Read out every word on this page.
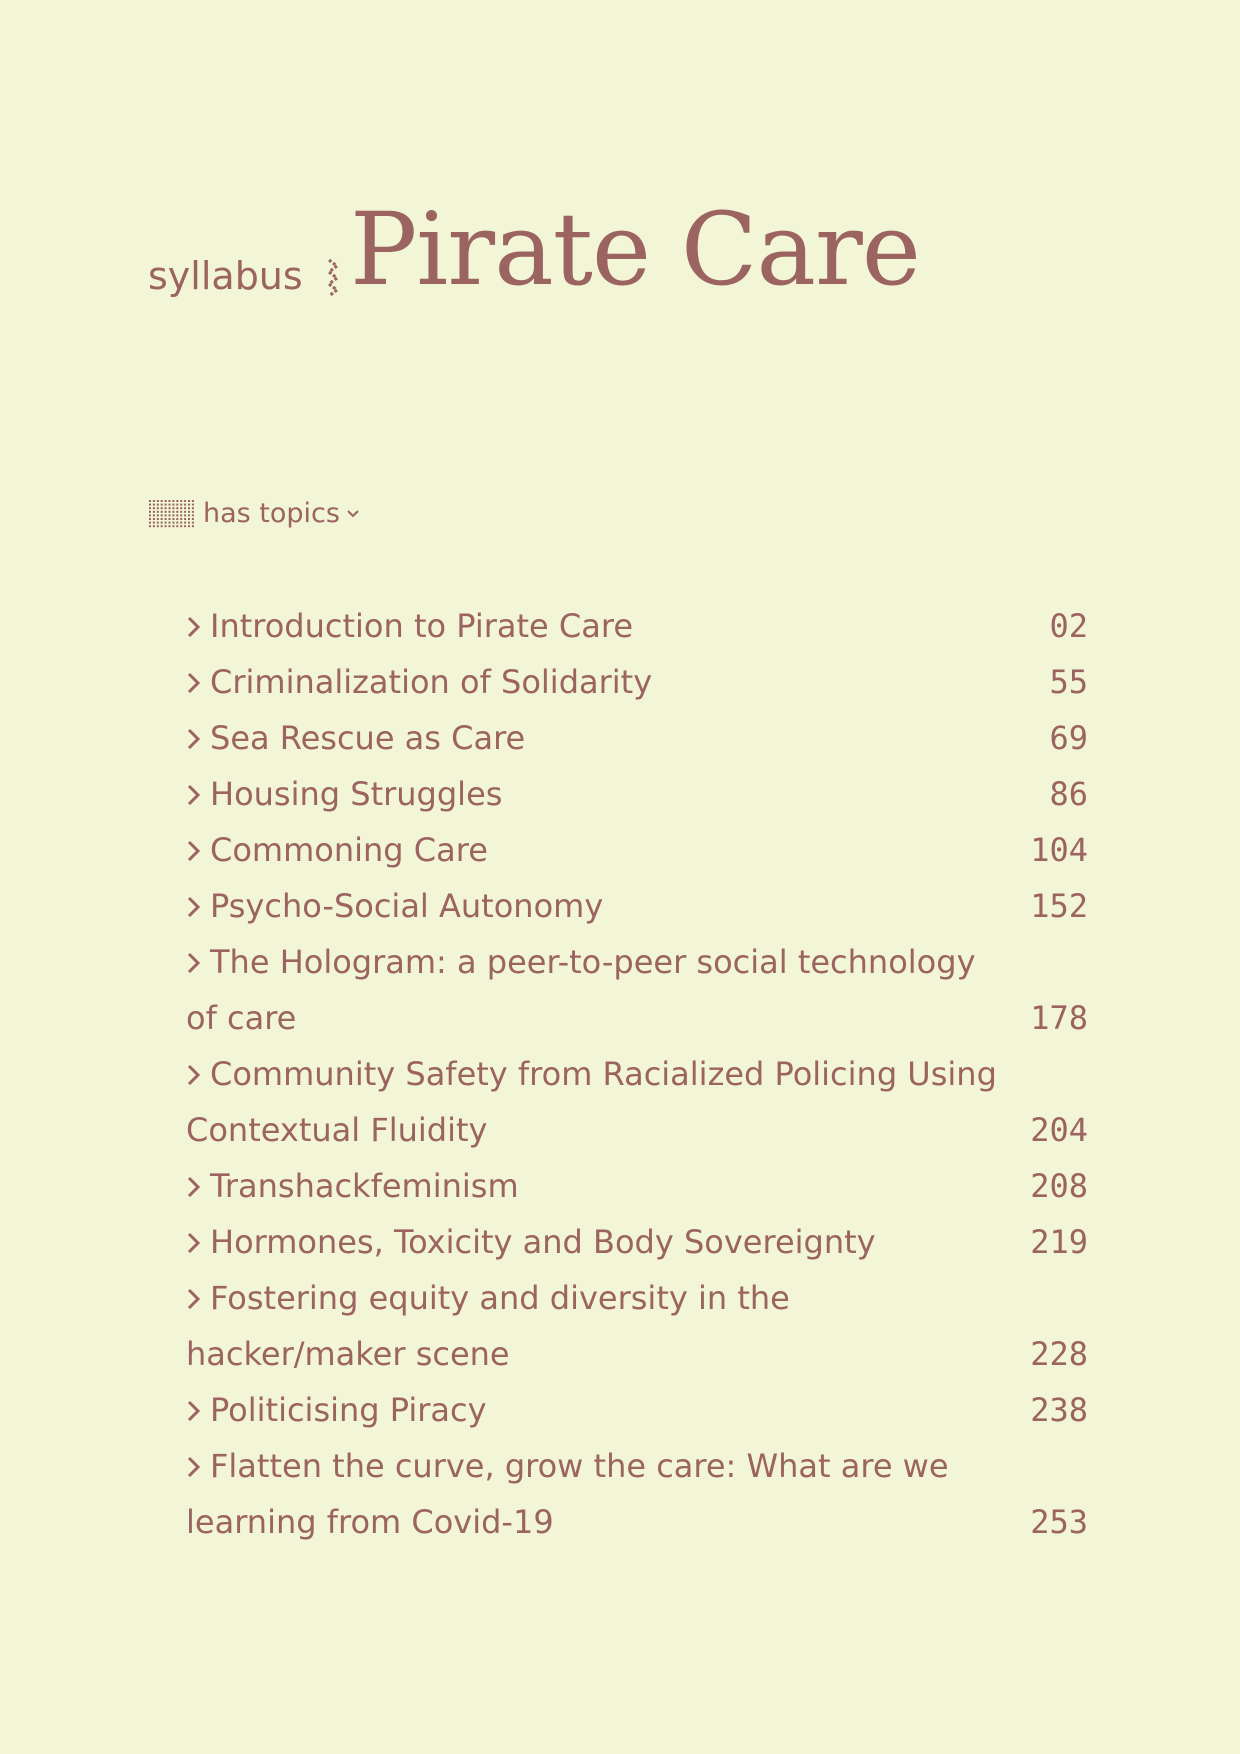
syllabus Pirate Care
has topics
Introduction to Pirate Care	02
Criminalization of Solidarity	55
Sea Rescue as Care	69
Housing Struggles	86
Commoning Care	104
Psycho-Social Autonomy	152
The Hologram: a peer-to-peer social technology of care	178
Community Safety from Racialized Policing Using Contextual Fluidity	204
Transhackfeminism	208
Hormones, Toxicity and Body Sovereignty	219
Fostering equity and diversity in the hacker/maker scene	228
Politicising Piracy	238
Flatten the curve, grow the care: What are we learning from Covid-19	253
